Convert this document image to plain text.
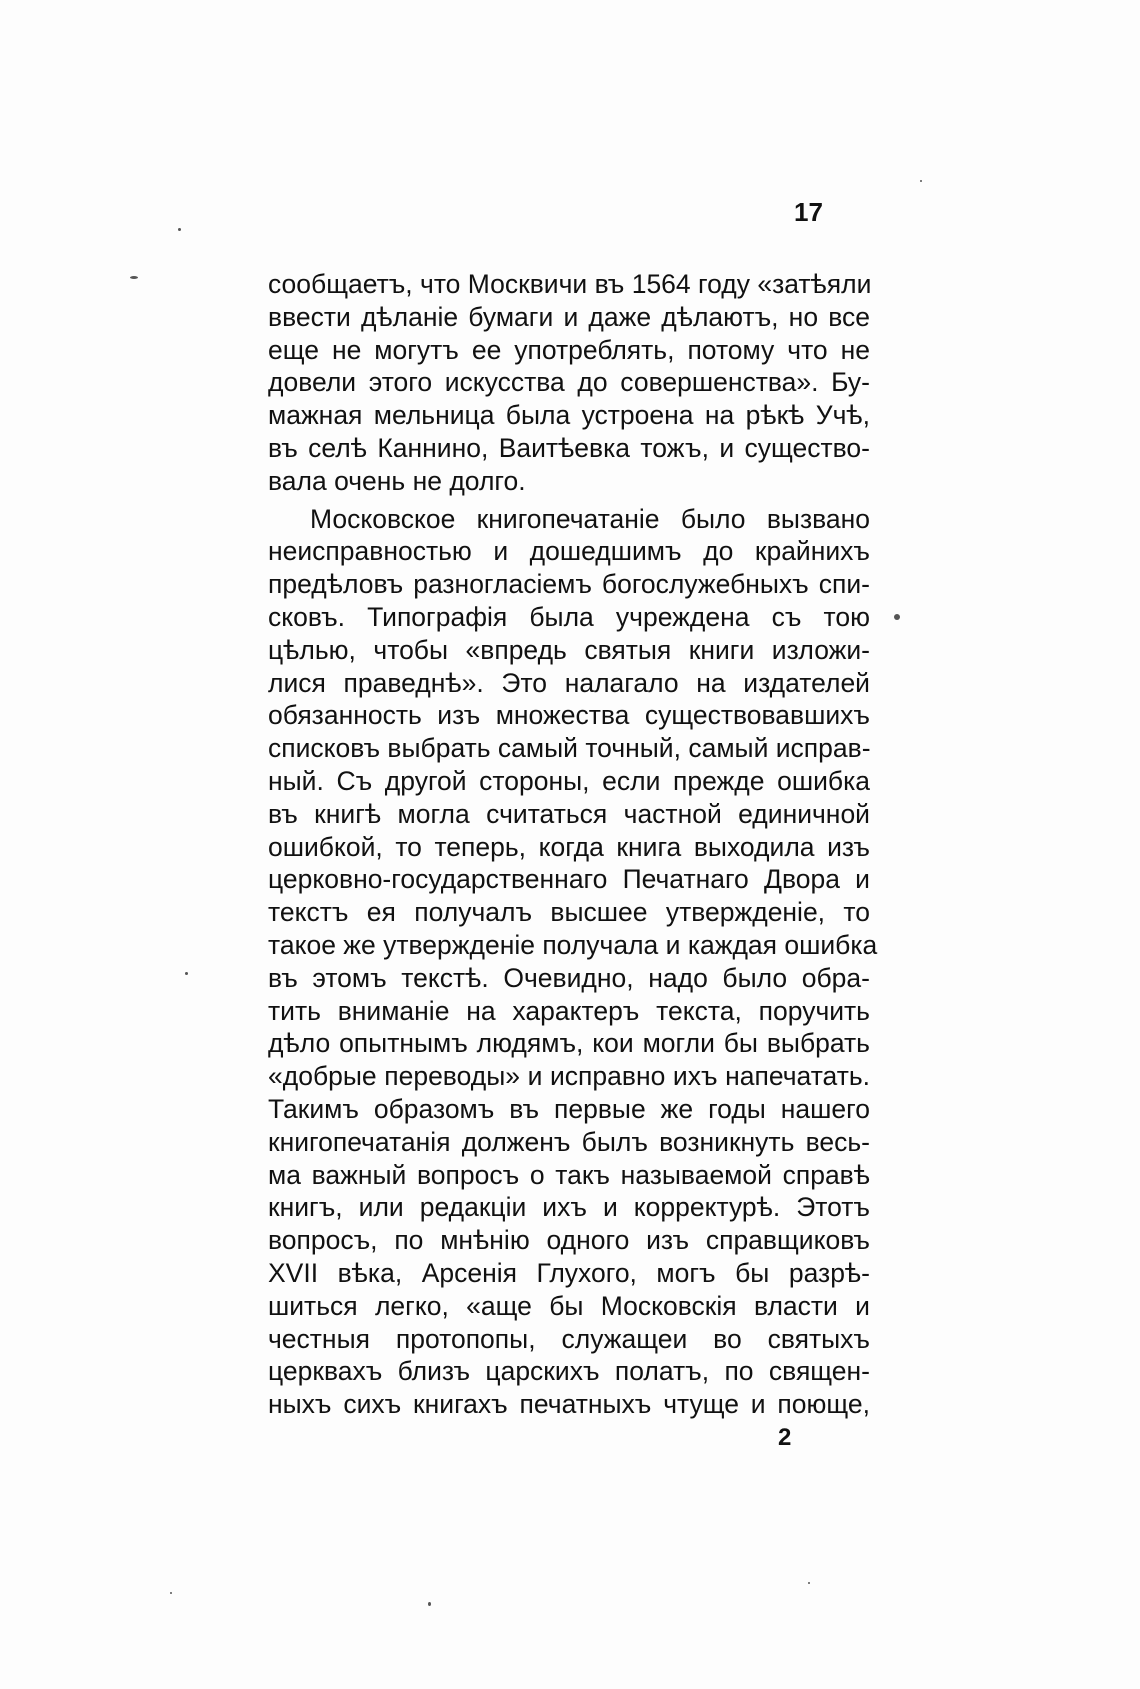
17
сообщаетъ, что Москвичи въ 1564 году «затѣяли
ввести дѣланіе бумаги и даже дѣлаютъ, но все
еще не могутъ ее употреблять, потому что не
довели этого искусства до совершенства». Бу-
мажная мельница была устроена на рѣкѣ Учѣ,
въ селѣ Каннино, Ваитѣевка тожъ, и существо-
вала очень не долго.
Московское книгопечатаніе было вызвано
неисправностью и дошедшимъ до крайнихъ
предѣловъ разногласіемъ богослужебныхъ спи-
сковъ. Типографія была учреждена съ тою
цѣлью, чтобы «впредь святыя книги изложи-
лися праведнѣ». Это налагало на издателей
обязанность изъ множества существовавшихъ
списковъ выбрать самый точный, самый исправ-
ный. Съ другой стороны, если прежде ошибка
въ книгѣ могла считаться частной единичной
ошибкой, то теперь, когда книга выходила изъ
церковно-государственнаго Печатнаго Двора и
текстъ ея получалъ высшее утвержденіе, то
такое же утвержденіе получала и каждая ошибка
въ этомъ текстѣ. Очевидно, надо было обра-
тить вниманіе на характеръ текста, поручить
дѣло опытнымъ людямъ, кои могли бы выбрать
«добрые переводы» и исправно ихъ напечатать.
Такимъ образомъ въ первые же годы нашего
книгопечатанія долженъ былъ возникнуть весь-
ма важный вопросъ о такъ называемой справѣ
книгъ, или редакціи ихъ и корректурѣ. Этотъ
вопросъ, по мнѣнію одного изъ справщиковъ
XVII вѣка, Арсенія Глухого, могъ бы разрѣ-
шиться легко, «аще бы Московскія власти и
честныя протопопы, служащеи во святыхъ
церквахъ близъ царскихъ полатъ, по священ-
ныхъ сихъ книгахъ печатныхъ чтуще и поюще,
2
